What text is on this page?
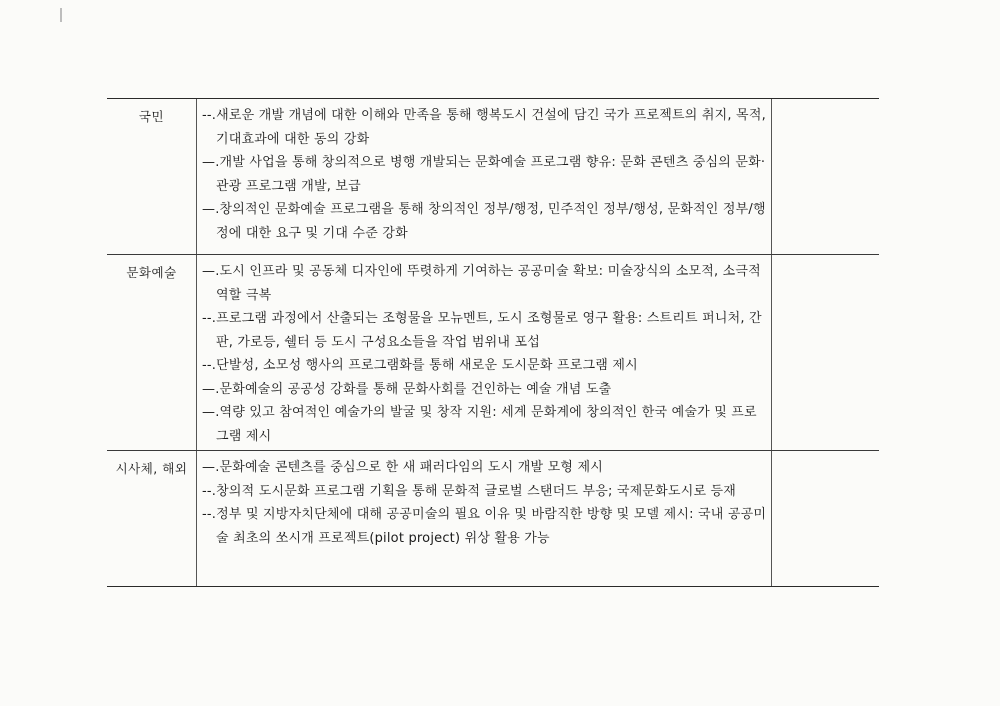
국민	--.새로운 개발 개념에 대한 이해와 만족을 통해 행복도시 건설에 담긴 국가 프로젝트의 취지, 목적, 기대효과에 대한 동의 강화
—.개발 사업을 통해 창의적으로 병행 개발되는 문화예술 프로그램 향유: 문화 콘텐츠 중심의 문화·관광 프로그램 개발, 보급
—.창의적인 문화예술 프로그램을 통해 창의적인 정부/행정, 민주적인 정부/행성, 문화적인 정부/행정에 대한 요구 및 기대 수준 강화
문화예술	—.도시 인프라 및 공동체 디자인에 뚜렷하게 기여하는 공공미술 확보: 미술장식의 소모적, 소극적 역할 극복
--.프로그램 과정에서 산출되는 조형물을 모뉴멘트, 도시 조형물로 영구 활용: 스트리트 퍼니처, 간판, 가로등, 쉘터 등 도시 구성요소들을 작업 범위내 포섭
--.단발성, 소모성 행사의 프로그램화를 통해 새로운 도시문화 프로그램 제시
—.문화예술의 공공성 강화를 통해 문화사회를 건인하는 예술 개념 도출
—.역량 있고 참여적인 예술가의 발굴 및 창작 지원: 세계 문화계에 창의적인 한국 예술가 및 프로그램 제시
시사체, 해외	—.문화예술 콘텐츠를 중심으로 한 새 패러다임의 도시 개발 모형 제시
--.창의적 도시문화 프로그램 기획을 통해 문화적 글로벌 스탠더드 부응; 국제문화도시로 등재
--.정부 및 지방자치단체에 대해 공공미술의 필요 이유 및 바람직한 방향 및 모델 제시: 국내 공공미술 최초의 쏘시개 프로젝트(pilot project) 위상 활용 가능
